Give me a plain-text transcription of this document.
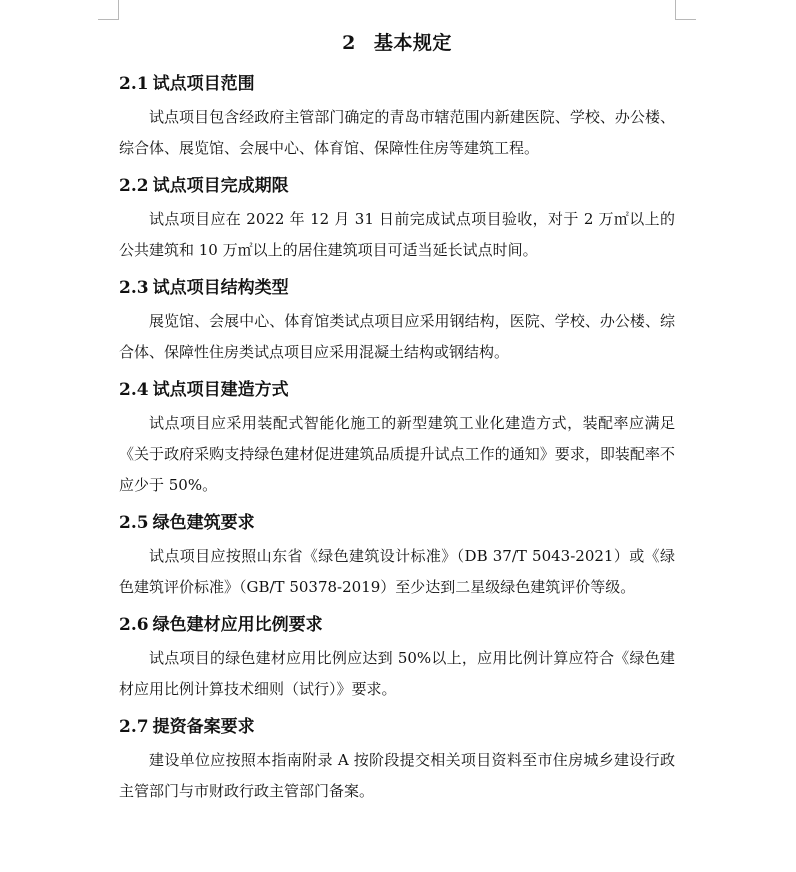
2 基本规定
2.1 试点项目范围

试点项目包含经政府主管部门确定的青岛市辖范围内新建医院、学校、办公楼、综合体、展览馆、会展中心、体育馆、保障性住房等建筑工程。

2.2 试点项目完成期限

试点项目应在 2022 年 12 月 31 日前完成试点项目验收，对于 2 万㎡以上的公共建筑和 10 万㎡以上的居住建筑项目可适当延长试点时间。

2.3 试点项目结构类型

展览馆、会展中心、体育馆类试点项目应采用钢结构，医院、学校、办公楼、综合体、保障性住房类试点项目应采用混凝土结构或钢结构。

2.4 试点项目建造方式

试点项目应采用装配式智能化施工的新型建筑工业化建造方式，装配率应满足《关于政府采购支持绿色建材促进建筑品质提升试点工作的通知》要求，即装配率不应少于 50%。

2.5 绿色建筑要求

试点项目应按照山东省《绿色建筑设计标准》（DB 37/T 5043-2021）或《绿色建筑评价标准》（GB/T 50378-2019）至少达到二星级绿色建筑评价等级。

2.6 绿色建材应用比例要求

试点项目的绿色建材应用比例应达到 50%以上，应用比例计算应符合《绿色建材应用比例计算技术细则（试行）》要求。

2.7 提资备案要求

建设单位应按照本指南附录 A 按阶段提交相关项目资料至市住房城乡建设行政主管部门与市财政行政主管部门备案。
